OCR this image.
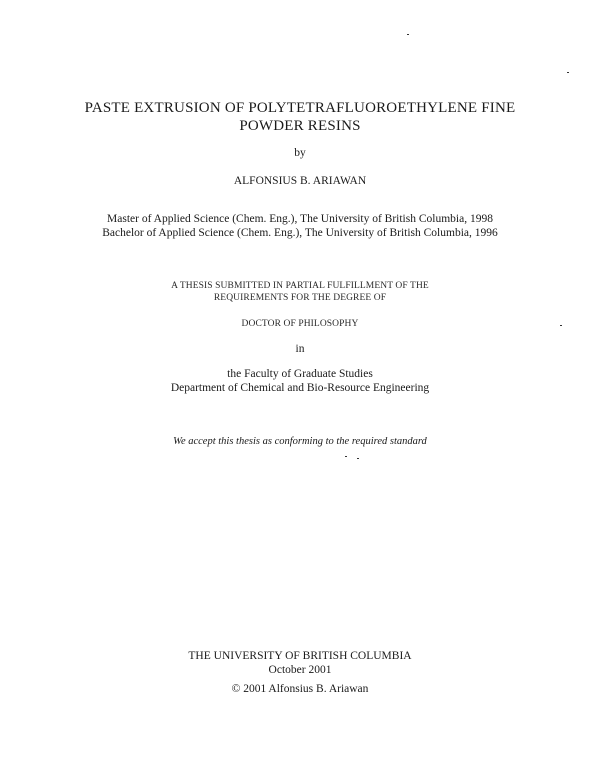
PASTE EXTRUSION OF POLYTETRAFLUOROETHYLENE FINE
POWDER RESINS
by
ALFONSIUS B. ARIAWAN
Master of Applied Science (Chem. Eng.), The University of British Columbia, 1998
Bachelor of Applied Science (Chem. Eng.), The University of British Columbia, 1996
A THESIS SUBMITTED IN PARTIAL FULFILLMENT OF THE
REQUIREMENTS FOR THE DEGREE OF
DOCTOR OF PHILOSOPHY
in
the Faculty of Graduate Studies
Department of Chemical and Bio-Resource Engineering
We accept this thesis as conforming to the required standard
THE UNIVERSITY OF BRITISH COLUMBIA
October 2001
© 2001 Alfonsius B. Ariawan
